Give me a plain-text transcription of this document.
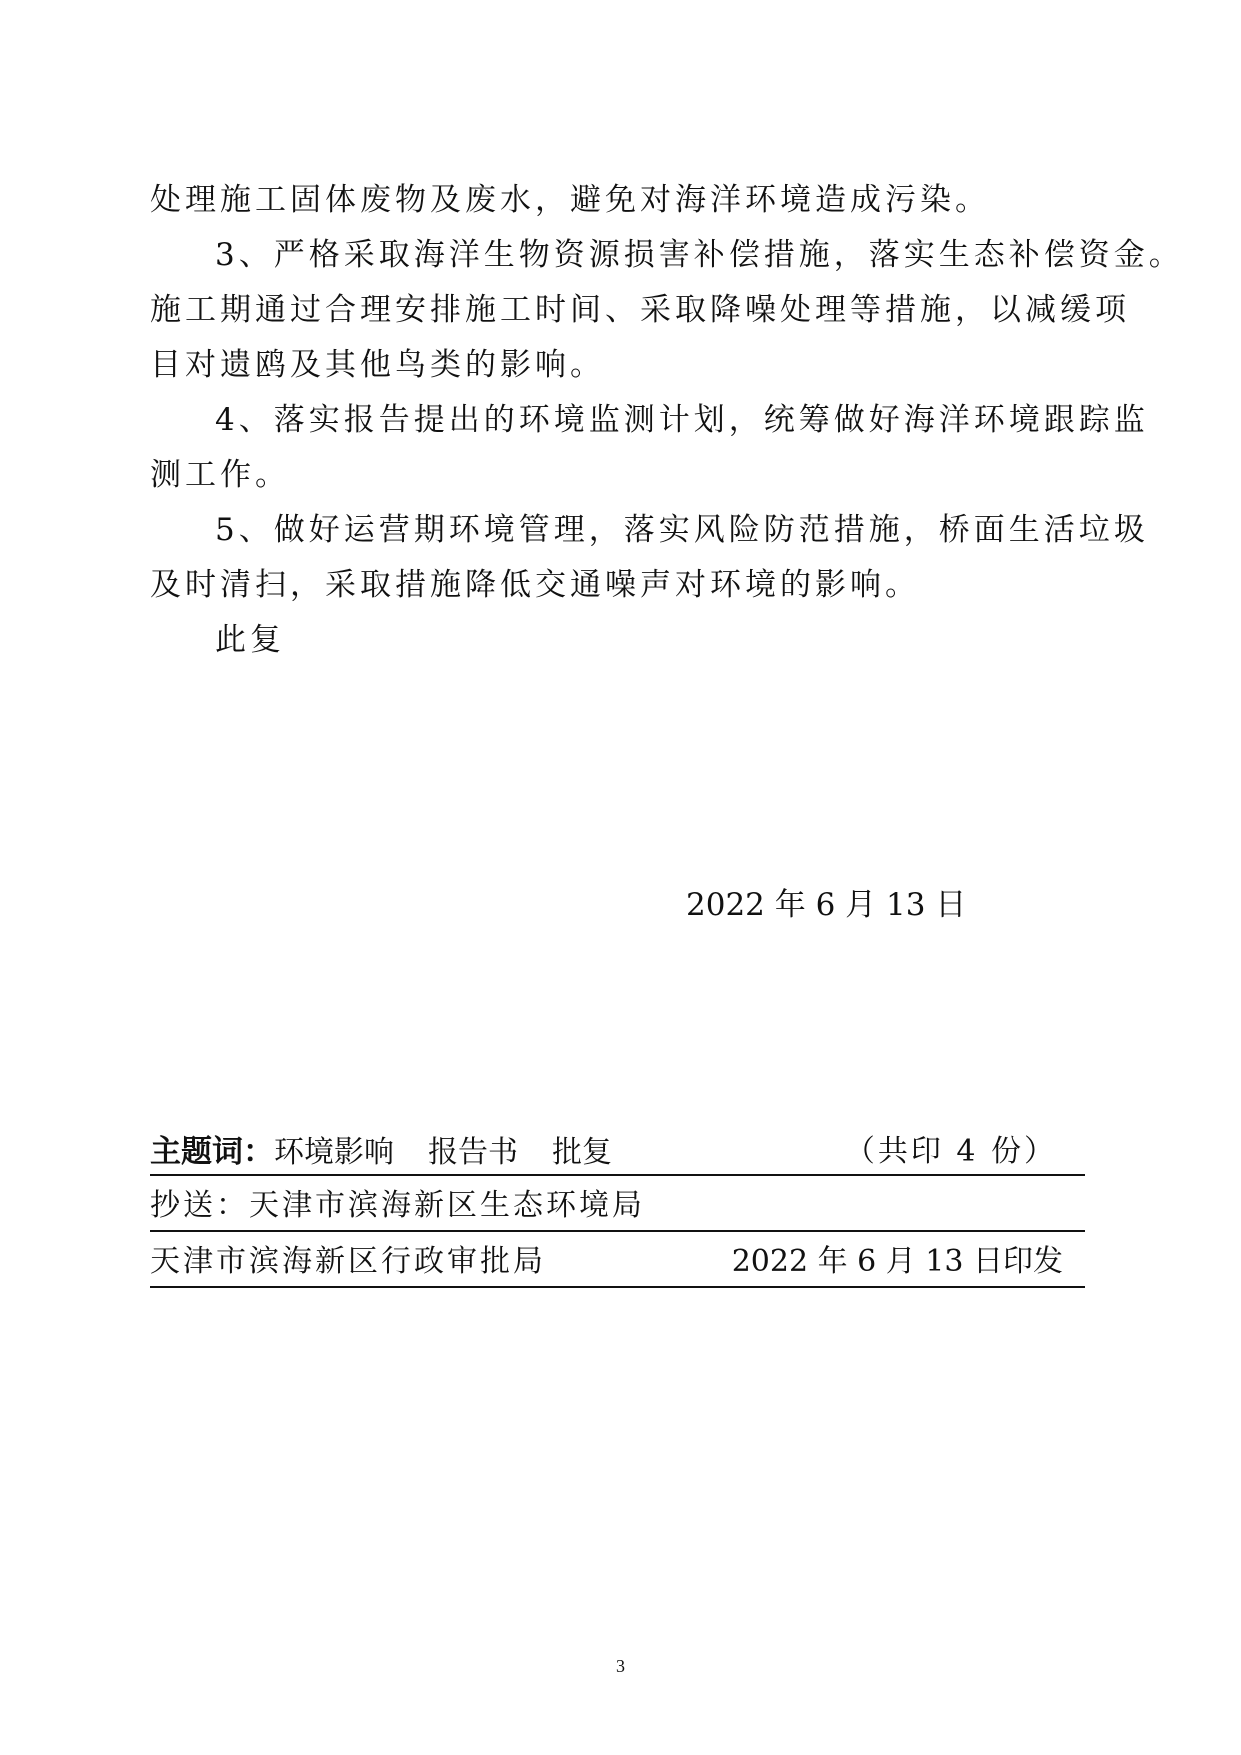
处理施工固体废物及废水，避免对海洋环境造成污染。
3、严格采取海洋生物资源损害补偿措施，落实生态补偿资金。
施工期通过合理安排施工时间、采取降噪处理等措施，以减缓项
目对遗鸥及其他鸟类的影响。
4、落实报告提出的环境监测计划，统筹做好海洋环境跟踪监
测工作。
5、做好运营期环境管理，落实风险防范措施，桥面生活垃圾
及时清扫，采取措施降低交通噪声对环境的影响。
此复
2022 年 6 月 13 日
主题词：环境影响 报告书 批复	（共印 4 份）
抄送：天津市滨海新区生态环境局
天津市滨海新区行政审批局	2022 年 6 月 13 日印发
3
